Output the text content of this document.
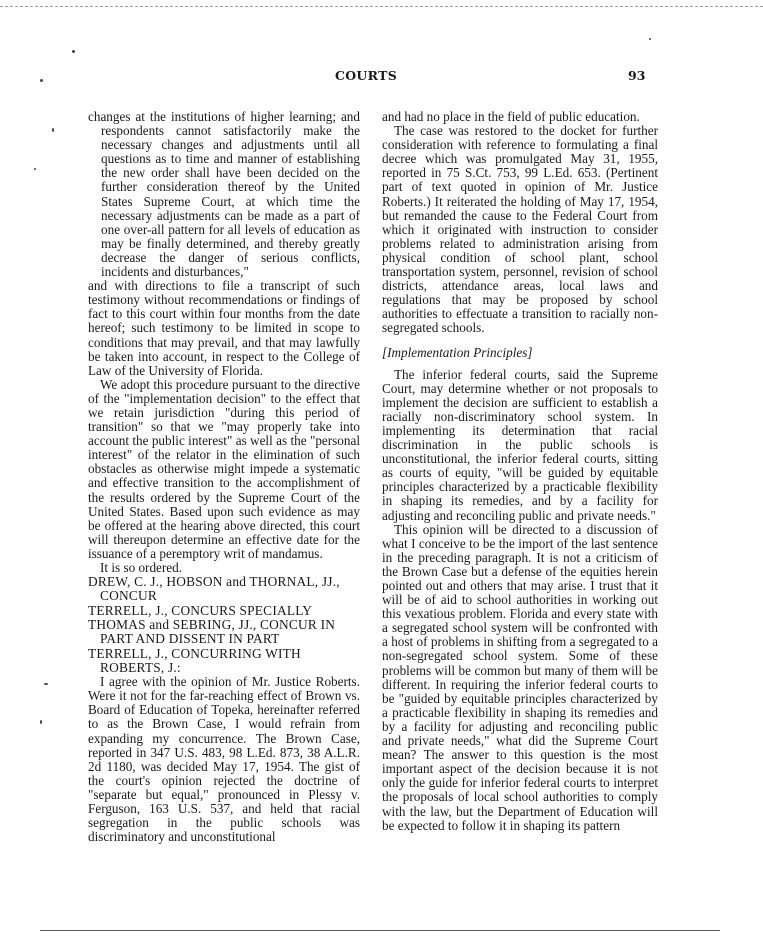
COURTS	93

changes at the institutions of higher learning; and respondents cannot satisfactorily make the necessary changes and adjustments until all questions as to time and manner of establishing the new order shall have been decided on the further consideration thereof by the United States Supreme Court, at which time the necessary adjustments can be made as a part of one over-all pattern for all levels of education as may be finally determined, and thereby greatly decrease the danger of serious conflicts, incidents and disturbances,"

and with directions to file a transcript of such testimony without recommendations or findings of fact to this court within four months from the date hereof; such testimony to be limited in scope to conditions that may prevail, and that may lawfully be taken into account, in respect to the College of Law of the University of Florida.

We adopt this procedure pursuant to the directive of the "implementation decision" to the effect that we retain jurisdiction "during this period of transition" so that we "may properly take into account the public interest" as well as the "personal interest" of the relator in the elimination of such obstacles as otherwise might impede a systematic and effective transition to the accomplishment of the results ordered by the Supreme Court of the United States. Based upon such evidence as may be offered at the hearing above directed, this court will thereupon determine an effective date for the issuance of a peremptory writ of mandamus.

It is so ordered.

DREW, C. J., HOBSON and THORNAL, JJ., CONCUR

TERRELL, J., CONCURS SPECIALLY

THOMAS and SEBRING, JJ., CONCUR IN PART AND DISSENT IN PART

TERRELL, J., CONCURRING WITH ROBERTS, J.:

I agree with the opinion of Mr. Justice Roberts. Were it not for the far-reaching effect of Brown vs. Board of Education of Topeka, hereinafter referred to as the Brown Case, I would refrain from expanding my concurrence. The Brown Case, reported in 347 U.S. 483, 98 L.Ed. 873, 38 A.L.R. 2d 1180, was decided May 17, 1954. The gist of the court's opinion rejected the doctrine of "separate but equal," pronounced in Plessy v. Ferguson, 163 U.S. 537, and held that racial segregation in the public schools was discriminatory and unconstitutional

and had no place in the field of public education.

The case was restored to the docket for further consideration with reference to formulating a final decree which was promulgated May 31, 1955, reported in 75 S.Ct. 753, 99 L.Ed. 653. (Pertinent part of text quoted in opinion of Mr. Justice Roberts.) It reiterated the holding of May 17, 1954, but remanded the cause to the Federal Court from which it originated with instruction to consider problems related to administration arising from physical condition of school plant, school transportation system, personnel, revision of school districts, attendance areas, local laws and regulations that may be proposed by school authorities to effectuate a transition to racially non-segregated schools.

[Implementation Principles]

The inferior federal courts, said the Supreme Court, may determine whether or not proposals to implement the decision are sufficient to establish a racially non-discriminatory school system. In implementing its determination that racial discrimination in the public schools is unconstitutional, the inferior federal courts, sitting as courts of equity, "will be guided by equitable principles characterized by a practicable flexibility in shaping its remedies, and by a facility for adjusting and reconciling public and private needs."

This opinion will be directed to a discussion of what I conceive to be the import of the last sentence in the preceding paragraph. It is not a criticism of the Brown Case but a defense of the equities herein pointed out and others that may arise. I trust that it will be of aid to school authorities in working out this vexatious problem. Florida and every state with a segregated school system will be confronted with a host of problems in shifting from a segregated to a non-segregated school system. Some of these problems will be common but many of them will be different. In requiring the inferior federal courts to be "guided by equitable principles characterized by a practicable flexibility in shaping its remedies and by a facility for adjusting and reconciling public and private needs," what did the Supreme Court mean? The answer to this question is the most important aspect of the decision because it is not only the guide for inferior federal courts to interpret the proposals of local school authorities to comply with the law, but the Department of Education will be expected to follow it in shaping its pattern
